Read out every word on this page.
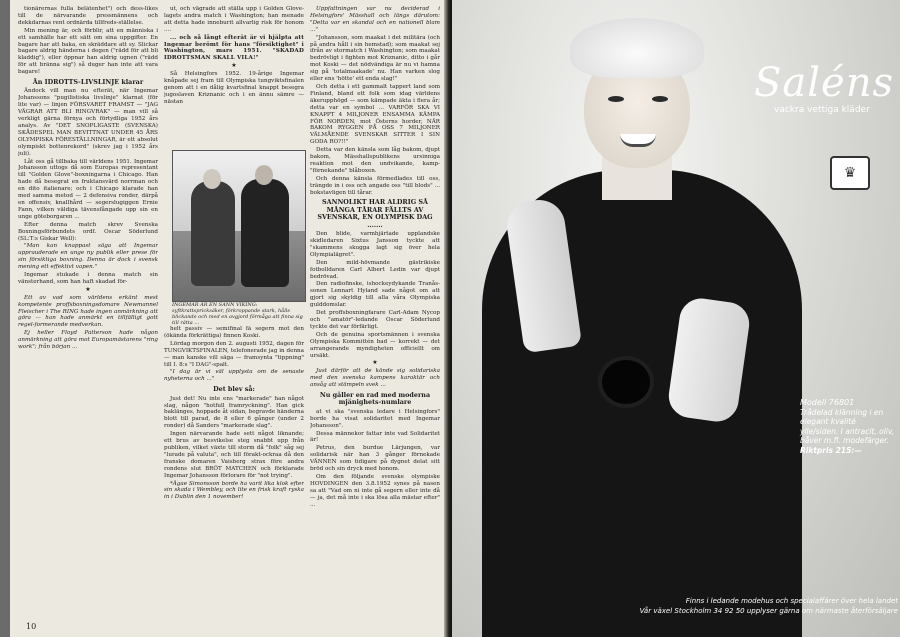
tionärernas fulla belåtenhet") och dess-likes till de närvarande pressmännens och dekkdarnas rent ordnärda tillfreds-ställelse.

Min mening är, och förblir, att en människa i ett samhälle har ett sätt om sina uppgifter. En bagare har att baka, en skräddare att sy. Slickar bagare aldrig händerna i degen ("rädd för att bli kladdig"), eller öppnar han aldrig ugnen ("rädd för att bränna sig") så duger han inte att vara bagare!

Än IDROTTS-LIVSLINJE klarar

Ändock vill man nu efterät, när Ingemar Johanssons "pugilistiska livslinje" klarnat (för lite var) — linjen FÖRSVARET FRAMST — "JAG VÄGRAR ATT BLI RINGVRAK" — man vill så verkligt gärna förnya och förtydliga 1952 års analys. Av "DET SNOPLIGASTE (SVENSKA) SKÅDESPEL MAN BEVITTNAT UNDER 45 ÅRS OLYMPISKA FÖRESTÄLLNINGAR, är ett absolut olympiskt bottenrekord" (skrev jag i 1952 års juli).

Låt oss gå tillbaka till världens 1951. Ingemar Johansson uttogs då som Europas representant till "Golden Glove"-boxningarna i Chicago. Han hade då besegrat en fruktansvärd norrman och en dito italienare; och i Chicago klarade han med samma metod — 2 defensiva ronder, därpå en offensiv, knallhård — segerslugiggen Ernie Fann, vilken väldiga tävensfångade upp sin en unge göteborgaren ...

Efter denna match skrev Svenska Boxningsförbundets ordf. Oscar Söderlund (SL:T:s Giskar Well):

"Man kan knappast säga att Ingemar upprauderade en unge ny publik eller prese för sin försiktiga boxning. Denna är dock i svensk mening ett effektivt vapen."

Ingemar stukade i denna match sin vänsterhand, som han haft skadad för-

★

Ett av vad som världens erkänt mest kompetente proffsboxningsdomare Newmannel Fleischer i The RING hade ingen anmärkning att göra — han hade anmärkt en tillfälligt gott regel-formerande medverkan.

Ej heller Floyd Patterson hade någon anmärkning att göra mot Europamästarens "ring work"; från början ...

ut, och vägrade att ställa upp i Golden Glove-lagets andra match i Washington; han menade att detta hade inneburit allvarlig risk för honom ....

... och så långt efterät är vi hjälpta att Ingemar berömt för hans "försiktighet" i Washington, mars 1951. "SKADAD IDROTTSMAN SKALL VILA!"

★

Så Helsingfors 1952. 19-årige Ingemar knåpade sej fram till Olympiska tungviktsfinalen genom att i en dålig kvartsfinal knappt besegra jugoslaven Kriznanic och i en ännu sämre — nästan

INGEMAR ÄR EN SANN VIKING: syftkrattspricksäker, förkroppande stark, hålls blickande och med en avgjord förmåga att finna sig till rätta ...

helt passiv — semifinal få segern mot den (ökända förkrättiga) finnen Koski.

Lördag morgon den 2. augusti 1952, dagen för TUNGVIKTSFINALEN, telefonerade jag in denna — man kanske vill säga — framsynta "tippning" till I. 8:s "I DAG"-spalt.

"I dag är vi väl upplysta om de senaste nyheterna och ..."

Det blev så:

Just det! Nu inte ens "markerade" han något slag, någon "hotfull framryckning". Han gick baklänges, hoppade åt sidan, begravde händerna blott till parad, de 8 eller 6 gånger (under 2 ronder) då Sanders "markerade slag".

Ingen närvarande hade sett något liknande; ett brus av besvikelse steg snabbt upp från publiken, vilket växte till storm då "folk" såg sej "lurade på valuta", och till förakt-ockraa då den franske domaren Vaisberg strax före andra rondens slut BRÖT MATCHEN och förklarade Ingemar Johansson förlorare för "not trying".

*Ägae Simonsson borde ha varit lika klok efter sin skada i Wembley, och lite en frisk kraft ryska in i Dublin den 1 november!

Uppfattningen var nu deciderad i Helsingfors' Mässhall och längs därutom: "Detta var en skandal och en nationell blam ..."

"Johansson, som maakat i det militära (och på andra håll i sin hemstad); som maakat sej ifrån av stormatch i Washington; som maakat bedrövligt i fighten mot Kriznanic, ditto i går mot Koski — det nödvändiga är nu vi hamna sig på 'totalmaakade' nu. Han varken slog eller ens 'hötte' ett enda slag!"

Och detta i ett gammalt tappert land som Finland, bland ett folk som idag världens äkerupphögd — som kämpade äkta i flera år; detta var en symbol ... VARFÖR SKA VI KNAPPT 4 MILJONER ENSAMMA KÄMPA FÖR NORDEN, mot Österns horder, NÄR BAKOM RYGGEN PÅ OSS 7 MILJONER VÄLMÅENDE SVENSKAR SITTER I SIN GODA RO?!!"

Detta var den känsla som låg bakom, djupt bakom, Mässhallspublikens ursinniga reaktion mot den undvikande, kamp-"förnekande" blåboxen.

Och denna känsla förmedlades till oss, trängde in i oss och angade oss "till blods" ... bokstavligen till tårar.

SANNOLIKT HAR ALDRIG SÅ MÅNGA TÅRAR FÄLLTS AV SVENSKAR, EN OLYMPISK DAG .......

Den blide, varmhjärtade upplandske skidledaren Sixtus Jansson tyckte att "skammens skugga lagt sig över hela Olympialägret".

Den mild-hövmande gästrikiske fotbolldaren Carl Albert Ledin var djupt bedrövad.

Den radiofinske, ishockeydykande Tranås-sonen Lennart Hyland sade något om att gjort sig skyldig till alla våra Olympiska gulddomslar.

Det proffsboxningfarare Carl-Adam Nycop och "amatör"-ledande Oscar Söderlund tyckte det var förfärligt.

Och de genuina sportsmännen i svenska Olympiska Kommittén bad — korrekt — det arrangerande myndigheten officiellt om ursäkt.

★

Just därför att de kände sig solidariska med den svenska kampens karaktär och ansåg att stämpeln svek ...

Nu gäller en rad med moderna mjänighets-numlare

at vi ska "svenska ledare i Helsingfors" borde ha visat solidaritet med Ingemar Johansson".

Dessa männekor fattar inte vad Solidaritet är!

Petrus, den burdue Lärjungen, var solidarisk när han 3 gånger förnekade VÄNNEN som tidigare på dygnet delat sitt bröd och sin dryck med honom.

Om den följande svenske olympiske HOVDINGEN den 3.8.1952 synes på nasen sa att "Vad om ni inte gå segern eller inte då — ja, det må inte i ska lösa alla mästar efter" ...

10
Saléns
vackra vettiga kläder
♛
Modell 76801
Trådelad klänning i en elegant kvalité ylle/siden. I antracit, oliv, båver m.fl. modefärger.
Riktpris 215:—
Finns i ledande modehus och specialaffärer över hela landet
Vår växel Stockholm 34 92 50 upplyser gärna om närmaste återförsäljare
